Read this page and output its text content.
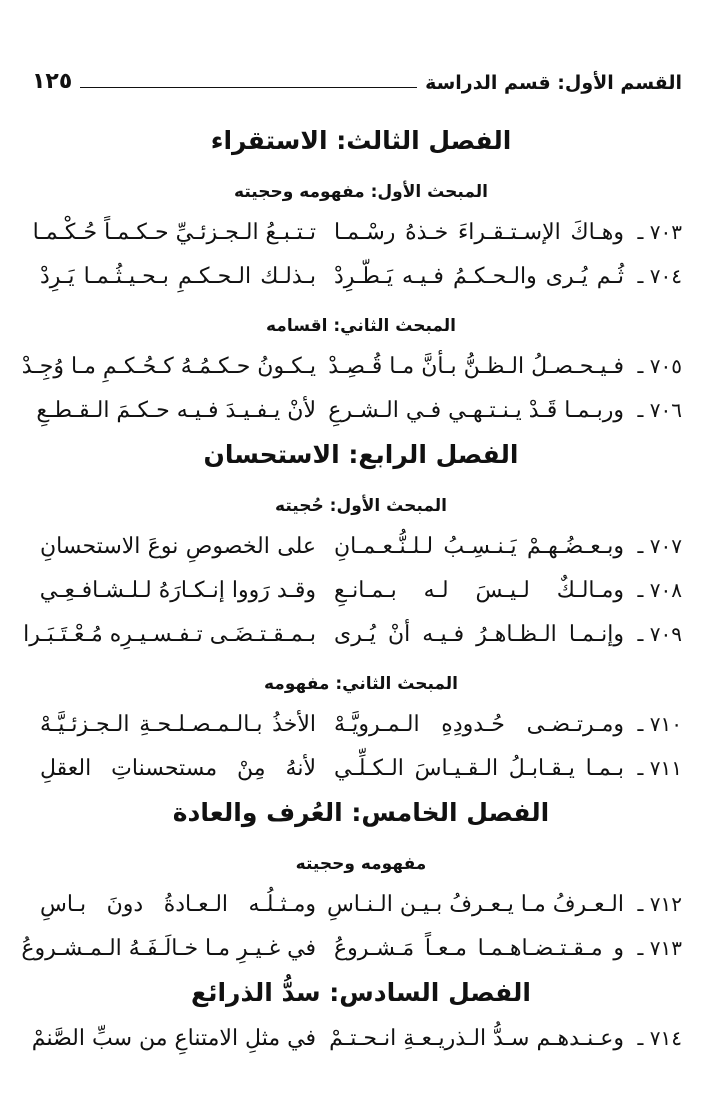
القسم الأول: قسم الدراسة
١٢٥
الفصل الثالث: الاستقراء
المبحث الأول: مفهومه وحجيته
٧٠٣ ـ
وهـاكَ الإسـتـقـراءَ خـذهُ رسْـمـا
تـتـبـعُ الـجـزئـيِّ حـكـمـاً حُـكْـمـا
٧٠٤ ـ
ثُـم يُـرى والـحـكـمُ فـيـه يَـطّـرِدْ
بـذلـك الـحـكـمِ بـحـيـثُـمـا يَـرِدْ
المبحث الثاني: اقسامه
٧٠٥ ـ
فـيـحـصـلُ الـظـنُّ بـأنَّ مـا قُـصِـدْ
يـكـونُ حـكـمُـهُ كـحُـكـمِ مـا وُجِـدْ
٧٠٦ ـ
وربـمـا قَـدْ يـنـتـهـي فـي الـشـرعِ
لأنْ يـفـيـدَ فـيـه حـكـمَ الـقـطـعِ
الفصل الرابع: الاستحسان
المبحث الأول: حُجيته
٧٠٧ ـ
وبـعـضُـهـمْ يَـنـسِـبُ لـلـنُّـعـمـانِ
على الخصوصِ نوعَ الاستحسانِ
٧٠٨ ـ
ومـالـكٌ لـيـسَ لـه بـمـانـعِ
وقـد رَووا إنـكـارَهُ لـلـشـافـعِـي
٧٠٩ ـ
وإنـمـا الـظـاهـرُ فـيـه أنْ يُـرى
بـمـقـتـضَـى تـفـسـيـرِه مُـعْـتَـبَـرا
المبحث الثاني: مفهومه
٧١٠ ـ
ومـرتـضـى حُـدودِهِ الـمـرويَّـهْ
الأخذُ بـالـمـصـلـحـةِ الـجـزئـيَّـهْ
٧١١ ـ
بـمـا يـقـابـلُ الـقـيـاسَ الـكـلِّـي
لأنهُ مِنْ مستحسناتِ العقلِ
الفصل الخامس: العُرف والعادة
مفهومه وحجيته
٧١٢ ـ
الـعـرفُ مـا يـعـرفُ بـيـن الـنـاسِ
ومـثـلُـه الـعـادةُ دونَ بـاسِ
٧١٣ ـ
و مـقـتـضـاهـمـا مـعـاً مَـشـروعُ
في غـيـرِ مـا خـالَـفَـهُ الـمـشـروعُ
الفصل السادس: سدُّ الذرائع
٧١٤ ـ
وعـنـدهـم سـدُّ الـذريـعـةِ انـحـتـمْ
في مثلِ الامتناعِ من سبِّ الصَّنمْ
